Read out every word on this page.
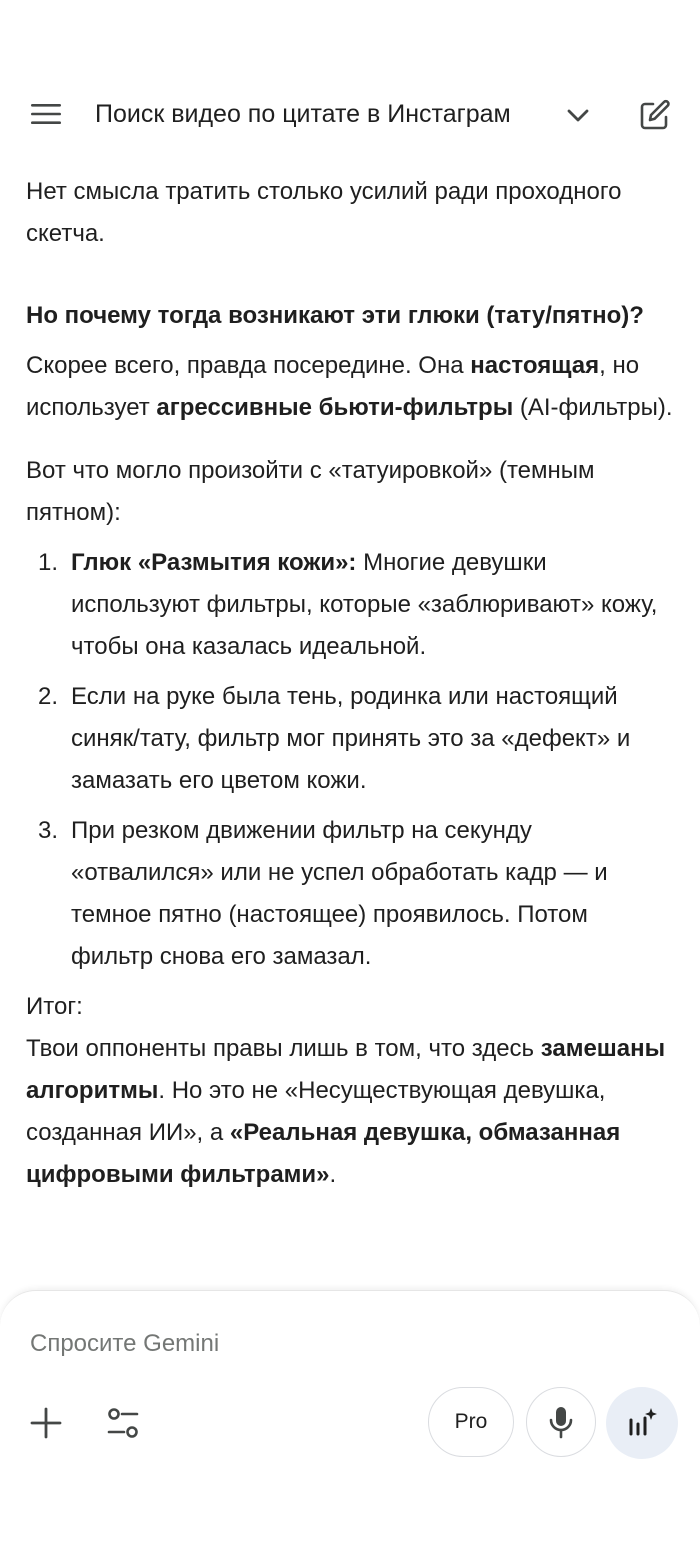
Поиск видео по цитате в Инстаграм

Нет смысла тратить столько усилий ради проходного скетча.

Но почему тогда возникают эти глюки (тату/пятно)?

Скорее всего, правда посередине. Она настоящая, но использует агрессивные бьюти-фильтры (AI-фильтры).

Вот что могло произойти с «татуировкой» (темным пятном):

1. Глюк «Размытия кожи»: Многие девушки используют фильтры, которые «заблюривают» кожу, чтобы она казалась идеальной.
2. Если на руке была тень, родинка или настоящий синяк/тату, фильтр мог принять это за «дефект» и замазать его цветом кожи.
3. При резком движении фильтр на секунду «отвалился» или не успел обработать кадр — и темное пятно (настоящее) проявилось. Потом фильтр снова его замазал.

Итог:

Твои оппоненты правы лишь в том, что здесь замешаны алгоритмы. Но это не «Несуществующая девушка, созданная ИИ», а «Реальная девушка, обмазанная цифровыми фильтрами».

Спросите Gemini
Pro
